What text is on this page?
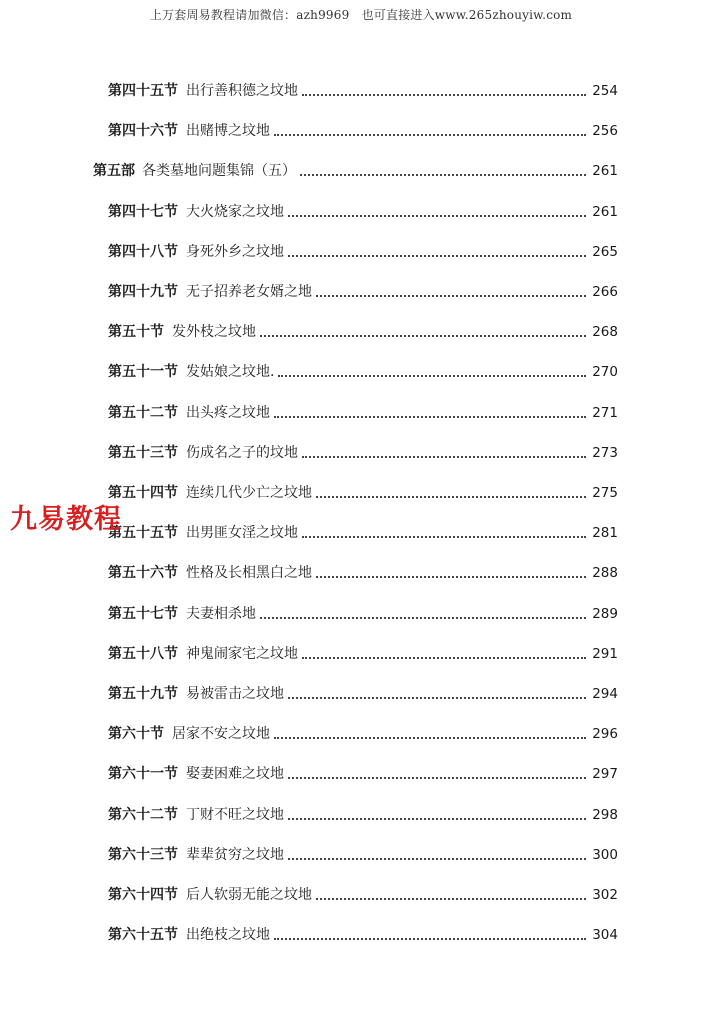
上万套周易教程请加微信：azh9969　也可直接进入www.265zhouyiw.com
第四十五节 出行善积德之坟地	254
第四十六节 出赌博之坟地	256
第五部 各类墓地问题集锦（五）	261
第四十七节 大火烧家之坟地	261
第四十八节 身死外乡之坟地	265
第四十九节 无子招养老女婿之地	266
第五十节 发外枝之坟地	268
第五十一节 发姑娘之坟地.	270
第五十二节 出头疼之坟地	271
第五十三节 伤成名之子的坟地	273
第五十四节 连续几代少亡之坟地	275
第五十五节 出男匪女淫之坟地	281
第五十六节 性格及长相黑白之地	288
第五十七节 夫妻相杀地	289
第五十八节 神鬼闹家宅之坟地	291
第五十九节 易被雷击之坟地	294
第六十节 居家不安之坟地	296
第六十一节 娶妻困难之坟地	297
第六十二节 丁财不旺之坟地	298
第六十三节 辈辈贫穷之坟地	300
第六十四节 后人软弱无能之坟地	302
第六十五节 出绝枝之坟地	304
九易教程
